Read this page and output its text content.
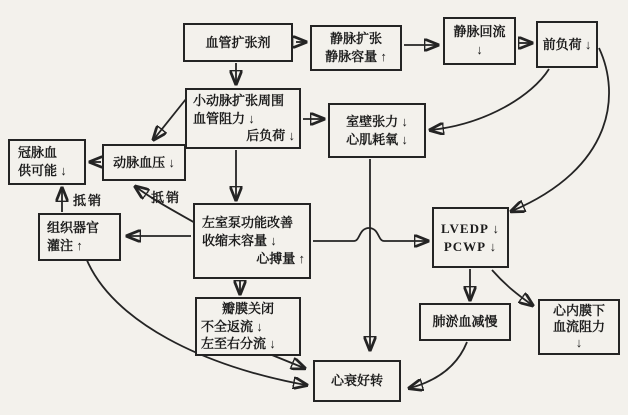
血管扩张剂	静脉扩张
静脉容量 ↑
静脉回流
↓	前负荷 ↓
小动脉扩张周围
血管阻力 ↓
后负荷 ↓
室壁张力 ↓
心肌耗氧 ↓
冠脉血
供可能 ↓
动脉血压 ↓
左室泵功能改善
收缩末容量 ↓
心搏量 ↑
组织器官
灌注 ↑
LVEDP ↓
PCWP ↓
瓣膜关闭
不全返流 ↓
左至右分流 ↓
肺淤血减慢
心内膜下
血流阻力
↓
心衰好转
抵销	抵销
